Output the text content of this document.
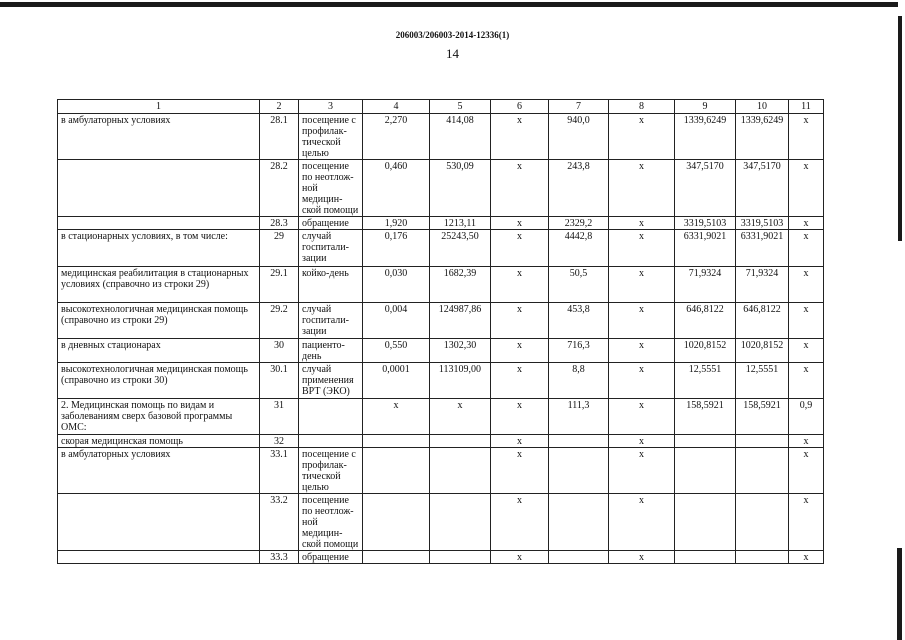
206003/206003-2014-12336(1)
14
1	2	3	4	5	6	7	8	9	10	11
в амбулаторных условиях	28.1	посещение с профилак-тической целью	2,270	414,08	х	940,0	х	1339,6249	1339,6249	х
	28.2	посещение по неотлож-ной медицин-ской помощи	0,460	530,09	х	243,8	х	347,5170	347,5170	х
	28.3	обращение	1,920	1213,11	х	2329,2	х	3319,5103	3319,5103	х
в стационарных условиях, в том числе:	29	случай госпитали-зации	0,176	25243,50	х	4442,8	х	6331,9021	6331,9021	х
медицинская реабилитация в стационарных условиях (справочно из строки 29)	29.1	койко-день	0,030	1682,39	х	50,5	х	71,9324	71,9324	х
высокотехнологичная медицинская помощь (справочно из строки 29)	29.2	случай госпитали-зации	0,004	124987,86	х	453,8	х	646,8122	646,8122	х
в дневных стационарах	30	пациенто-день	0,550	1302,30	х	716,3	х	1020,8152	1020,8152	х
высокотехнологичная медицинская помощь (справочно из строки 30)	30.1	случай применения ВРТ (ЭКО)	0,0001	113109,00	х	8,8	х	12,5551	12,5551	х
2. Медицинская помощь по видам и заболеваниям сверх базовой программы ОМС:	31		х	х	х	111,3	х	158,5921	158,5921	0,9
скорая медицинская помощь	32				х		х			х
в амбулаторных условиях	33.1	посещение с профилак-тической целью			х		х			х
	33.2	посещение по неотлож-ной медицин-ской помощи			х		х			х
	33.3	обращение			х		х			х
